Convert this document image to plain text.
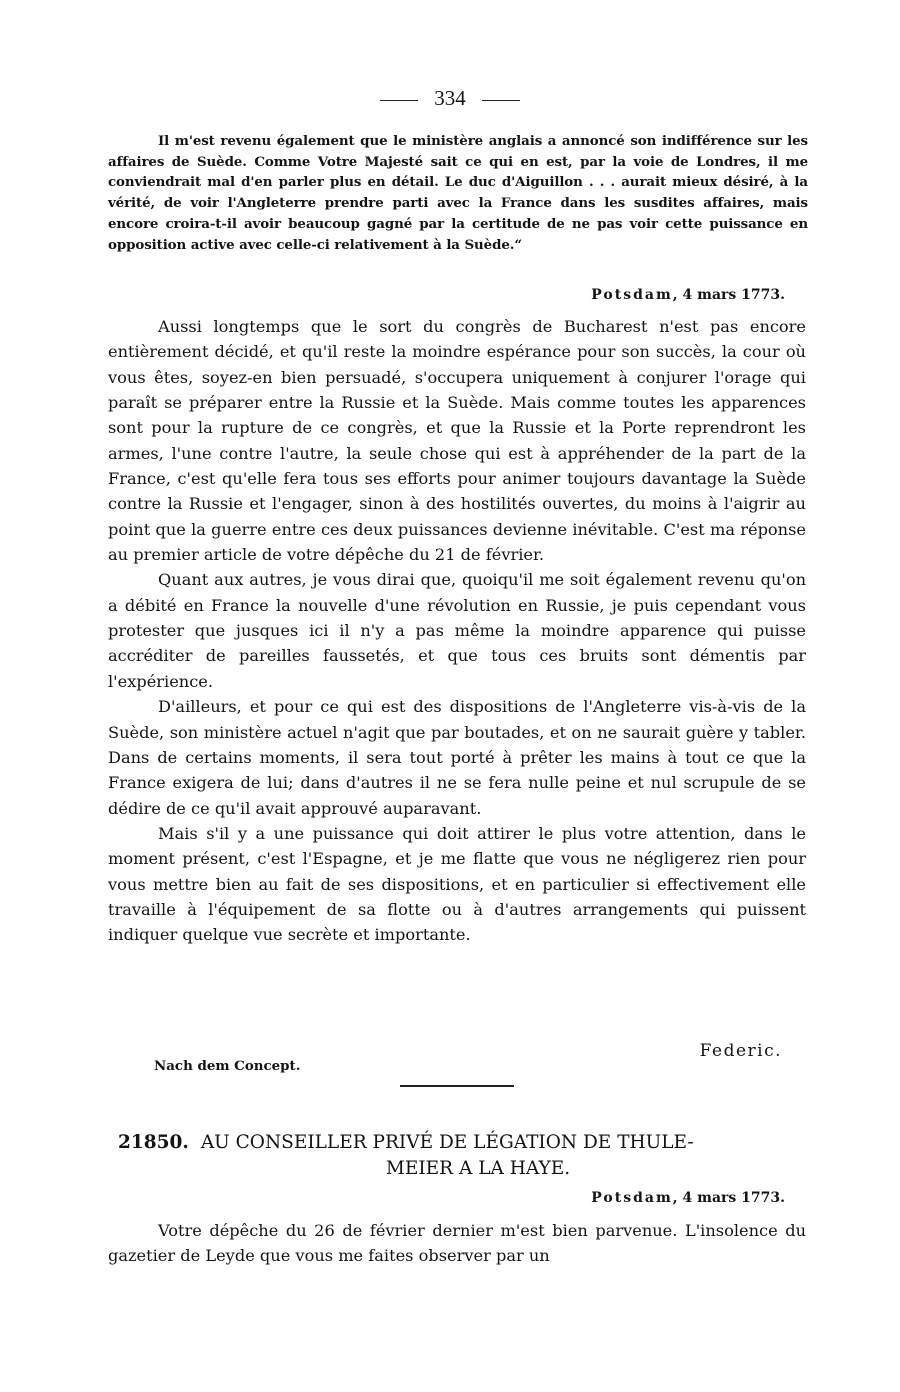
334

Il m'est revenu également que le ministère anglais a annoncé son indifférence sur les affaires de Suède. Comme Votre Majesté sait ce qui en est, par la voie de Londres, il me conviendrait mal d'en parler plus en détail. Le duc d'Aiguillon . . . aurait mieux désiré, à la vérité, de voir l'Angleterre prendre parti avec la France dans les susdites affaires, mais encore croira-t-il avoir beaucoup gagné par la certitude de ne pas voir cette puissance en opposition active avec celle-ci relativement à la Suède.“

Potsdam, 4 mars 1773.

Aussi longtemps que le sort du congrès de Bucharest n'est pas encore entièrement décidé, et qu'il reste la moindre espérance pour son succès, la cour où vous êtes, soyez-en bien persuadé, s'occupera uniquement à conjurer l'orage qui paraît se préparer entre la Russie et la Suède. Mais comme toutes les apparences sont pour la rupture de ce congrès, et que la Russie et la Porte reprendront les armes, l'une contre l'autre, la seule chose qui est à appréhender de la part de la France, c'est qu'elle fera tous ses efforts pour animer toujours davantage la Suède contre la Russie et l'engager, sinon à des hostilités ouvertes, du moins à l'aigrir au point que la guerre entre ces deux puissances devienne inévitable. C'est ma réponse au premier article de votre dépêche du 21 de février.

Quant aux autres, je vous dirai que, quoiqu'il me soit également revenu qu'on a débité en France la nouvelle d'une révolution en Russie, je puis cependant vous protester que jusques ici il n'y a pas même la moindre apparence qui puisse accréditer de pareilles faussetés, et que tous ces bruits sont démentis par l'expérience.

D'ailleurs, et pour ce qui est des dispositions de l'Angleterre vis-à-vis de la Suède, son ministère actuel n'agit que par boutades, et on ne saurait guère y tabler. Dans de certains moments, il sera tout porté à prêter les mains à tout ce que la France exigera de lui; dans d'autres il ne se fera nulle peine et nul scrupule de se dédire de ce qu'il avait approuvé auparavant.

Mais s'il y a une puissance qui doit attirer le plus votre attention, dans le moment présent, c'est l'Espagne, et je me flatte que vous ne négligerez rien pour vous mettre bien au fait de ses dispositions, et en particulier si effectivement elle travaille à l'équipement de sa flotte ou à d'autres arrangements qui puissent indiquer quelque vue secrète et importante.

Federic.
Nach dem Concept.
21850. AU CONSEILLER PRIVÉ DE LÉGATION DE THULE-
MEIER A LA HAYE.
Potsdam, 4 mars 1773.

Votre dépêche du 26 de février dernier m'est bien parvenue. L'insolence du gazetier de Leyde que vous me faites observer par un
